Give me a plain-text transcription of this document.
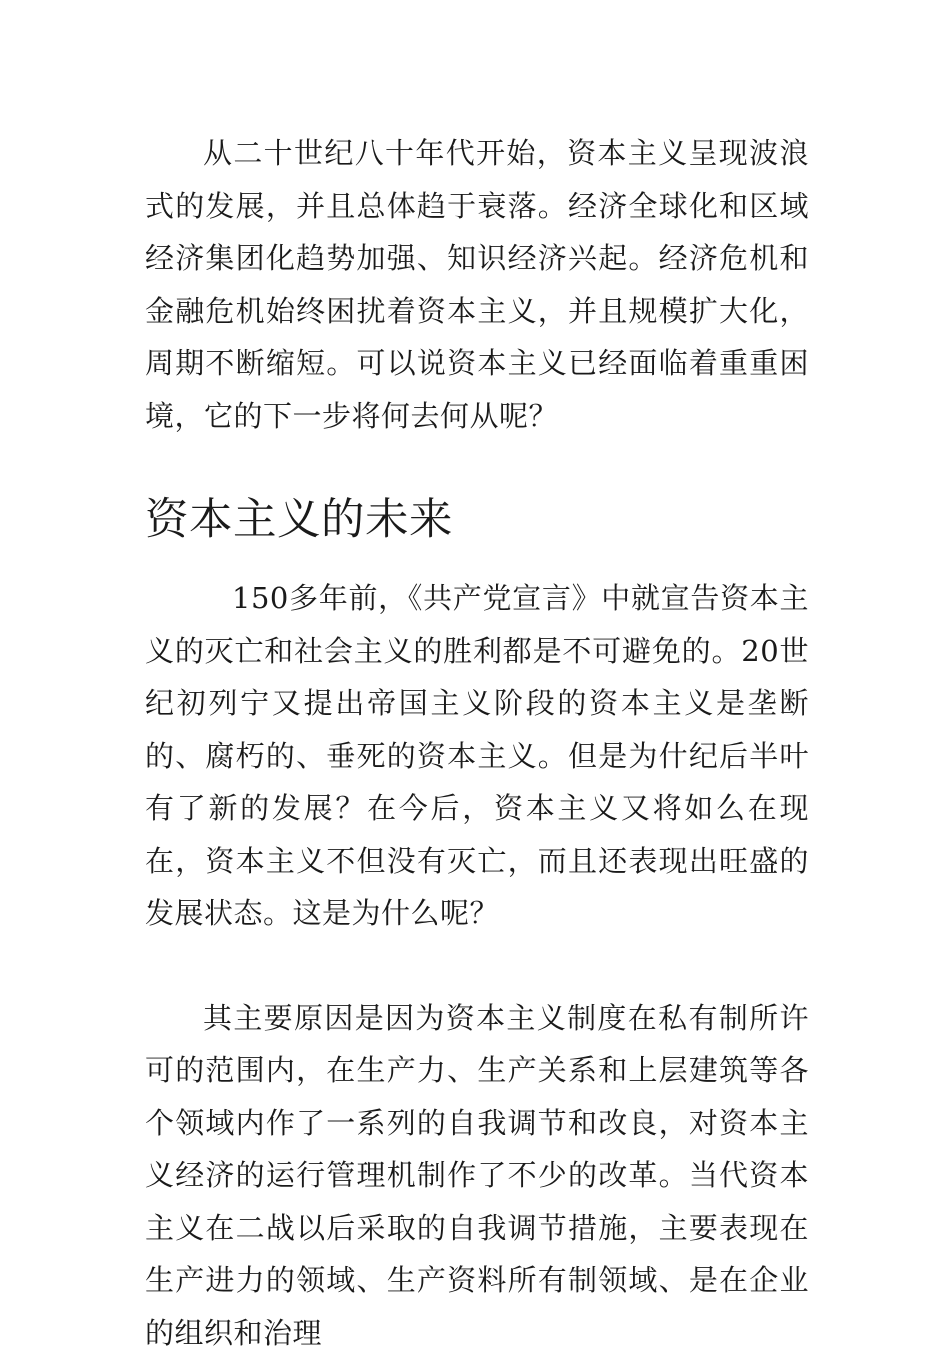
从二十世纪八十年代开始，资本主义呈现波浪式的发展，并且总体趋于衰落。经济全球化和区域经济集团化趋势加强、知识经济兴起。经济危机和金融危机始终困扰着资本主义，并且规模扩大化，周期不断缩短。可以说资本主义已经面临着重重困境，它的下一步将何去何从呢？

资本主义的未来

150多年前，《共产党宣言》中就宣告资本主义的灭亡和社会主义的胜利都是不可避免的。20世纪初列宁又提出帝国主义阶段的资本主义是垄断的、腐朽的、垂死的资本主义。但是为什纪后半叶有了新的发展？在今后，资本主义又将如么在现在，资本主义不但没有灭亡，而且还表现出旺盛的发展状态。这是为什么呢？

其主要原因是因为资本主义制度在私有制所许可的范围内，在生产力、生产关系和上层建筑等各个领域内作了一系列的自我调节和改良，对资本主义经济的运行管理机制作了不少的改革。当代资本主义在二战以后采取的自我调节措施，主要表现在生产进力的领域、生产资料所有制领域、是在企业的组织和治理
